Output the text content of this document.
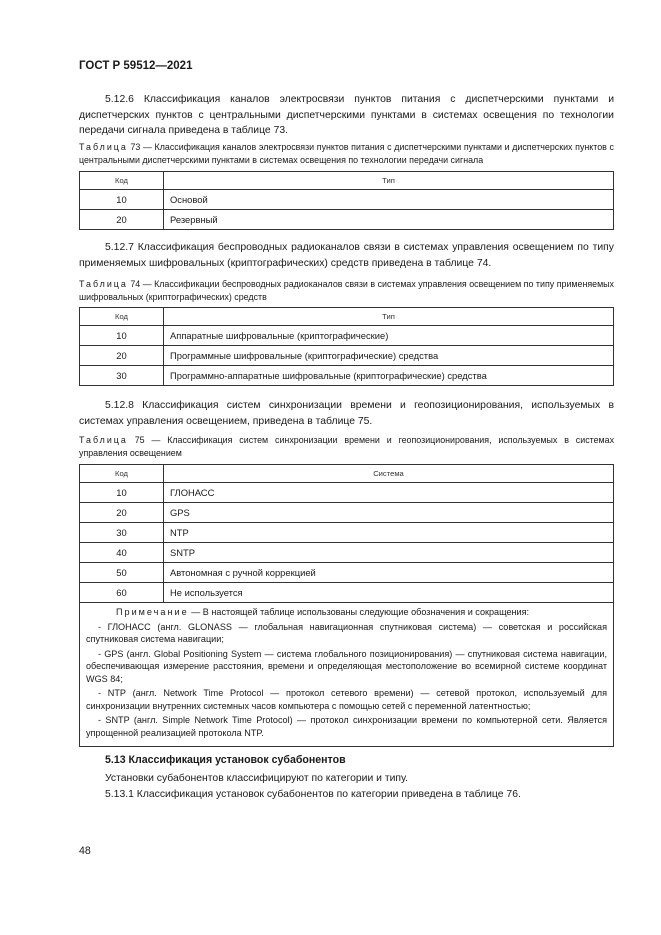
ГОСТ Р 59512—2021
5.12.6 Классификация каналов электросвязи пунктов питания с диспетчерскими пунктами и диспетчерских пунктов с центральными диспетчерскими пунктами в системах освещения по технологии передачи сигнала приведена в таблице 73.
Таблица 73 — Классификация каналов электросвязи пунктов питания с диспетчерскими пунктами и диспетчерских пунктов с центральными диспетчерскими пунктами в системах освещения по технологии передачи сигнала
Код	Тип
10	Основой
20	Резервный
5.12.7 Классификация беспроводных радиоканалов связи в системах управления освещением по типу применяемых шифровальных (криптографических) средств приведена в таблице 74.
Таблица 74 — Классификации беспроводных радиоканалов связи в системах управления освещением по типу применяемых шифровальных (криптографических) средств
Код	Тип
10	Аппаратные шифровальные (криптографические)
20	Программные шифровальные (криптографические) средства
30	Программно-аппаратные шифровальные (криптографические) средства
5.12.8 Классификация систем синхронизации времени и геопозиционирования, используемых в системах управления освещением, приведена в таблице 75.
Таблица 75 — Классификация систем синхронизации времени и геопозиционирования, используемых в системах управления освещением
Код	Система
10	ГЛОНАСС
20	GPS
30	NTP
40	SNTP
50	Автономная с ручной коррекцией
60	Не используется

Примечание — В настоящей таблице использованы следующие обозначения и сокращения:

- ГЛОНАСС (англ. GLONASS — глобальная навигационная спутниковая система) — советская и российская спутниковая система навигации;

- GPS (англ. Global Positioning System — система глобального позиционирования) — спутниковая система навигации, обеспечивающая измерение расстояния, времени и определяющая местоположение во всемирной системе координат WGS 84;

- NTP (англ. Network Time Protocol — протокол сетевого времени) — сетевой протокол, используемый для синхронизации внутренних системных часов компьютера с помощью сетей с переменной латентностью;

- SNTP (англ. Simple Network Time Protocol) — протокол синхронизации времени по компьютерной сети. Является упрощенной реализацией протокола NTP.	

5.13 Классификация установок субабонентов
Установки субабонентов классифицируют по категории и типу.
5.13.1 Классификация установок субабонентов по категории приведена в таблице 76.
48
